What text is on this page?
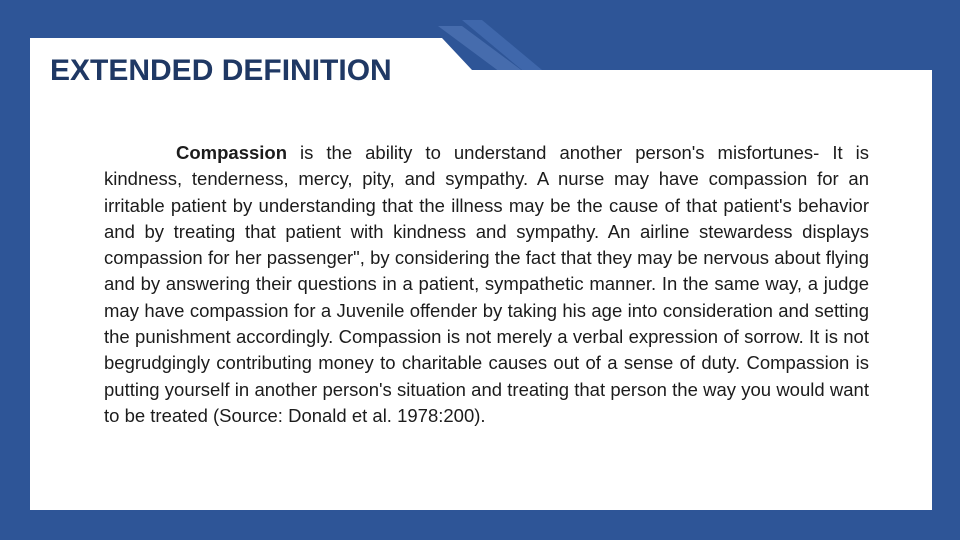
EXTENDED DEFINITION

Compassion is the ability to understand another person's misfortunes- It is kindness, tenderness, mercy, pity, and sympathy. A nurse may have compassion for an irritable patient by understanding that the illness may be the cause of that patient's behavior and by treating that patient with kindness and sympathy. An airline stewardess displays compassion for her passenger", by considering the fact that they may be nervous about flying and by answering their questions in a patient, sympathetic manner. In the same way, a judge may have compassion for a Juvenile offender by taking his age into consideration and setting the punishment accordingly. Compassion is not merely a verbal expression of sorrow. It is not begrudgingly contributing money to charitable causes out of a sense of duty. Compassion is putting yourself in another person's situation and treating that person the way you would want to be treated (Source: Donald et al. 1978:200).
